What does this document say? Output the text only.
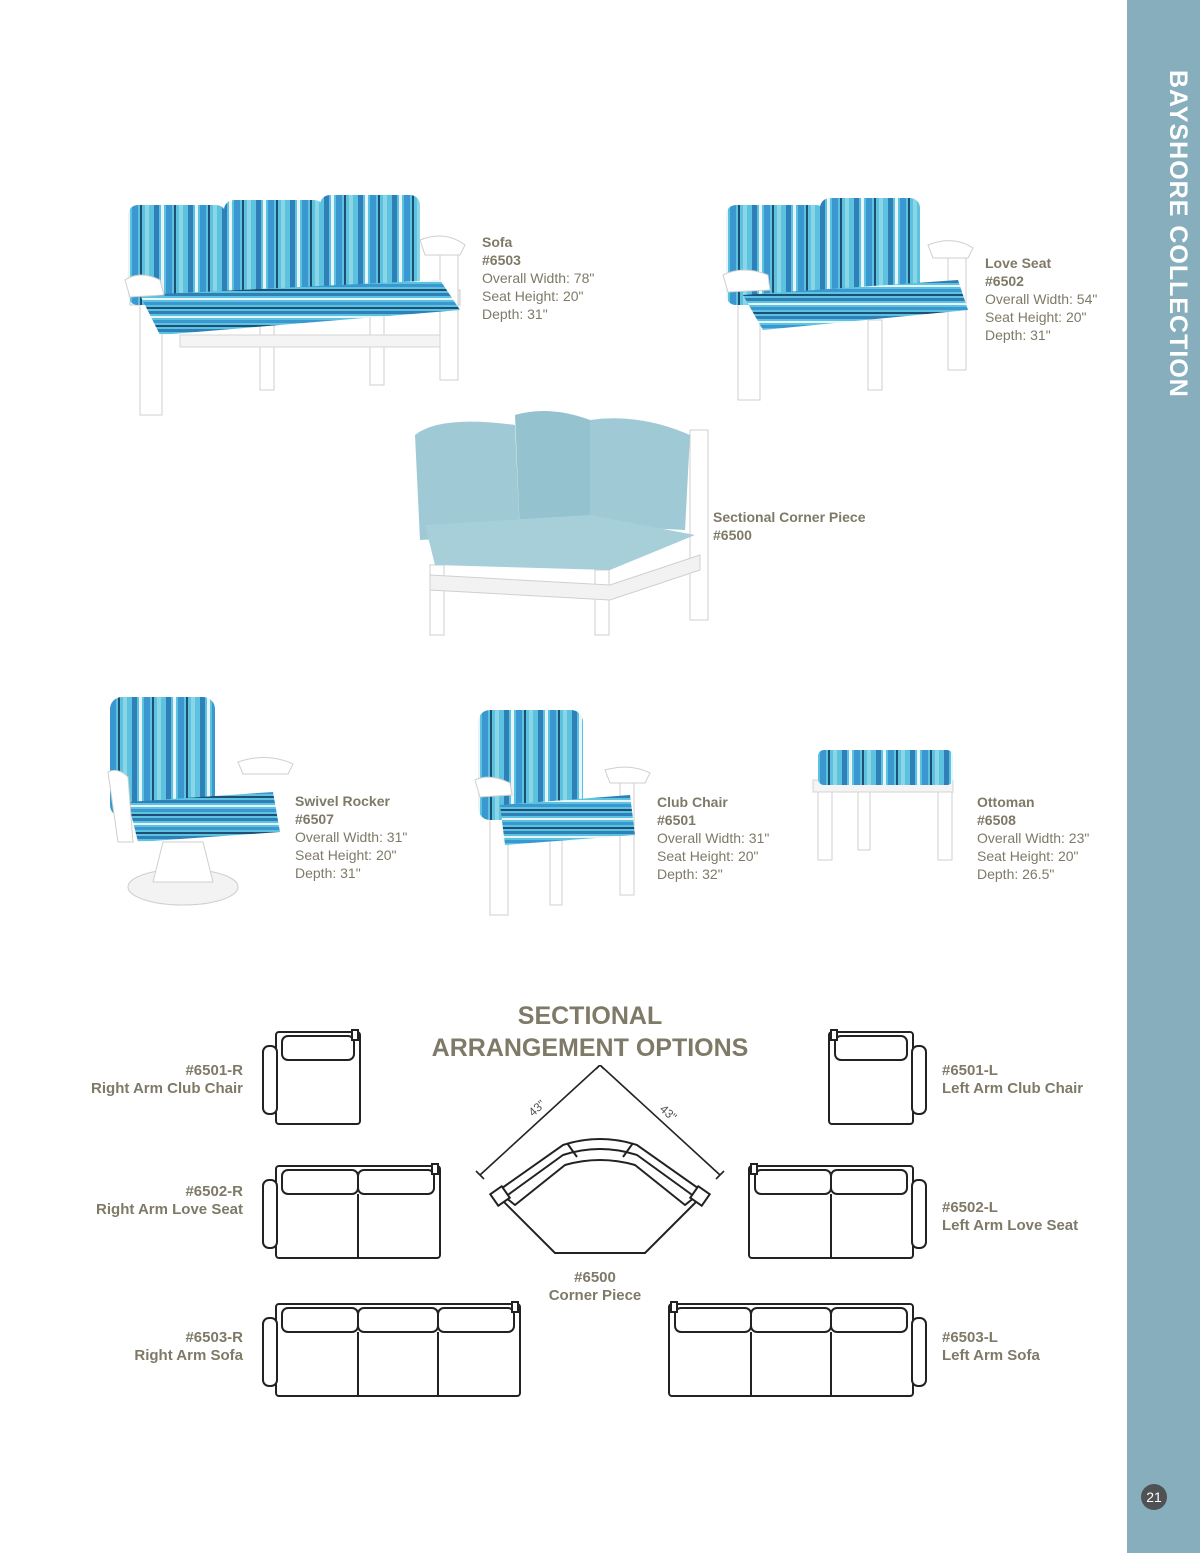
BAYSHORE COLLECTION
21
Sofa
#6503
Overall Width: 78"
Seat Height: 20"
Depth: 31"
Love Seat
#6502
Overall Width: 54"
Seat Height: 20"
Depth: 31"
Sectional Corner Piece
#6500
Swivel Rocker
#6507
Overall Width: 31"
Seat Height: 20"
Depth: 31"
Club Chair
#6501
Overall Width: 31"
Seat Height: 20"
Depth: 32"
Ottoman
#6508
Overall Width: 23"
Seat Height: 20"
Depth: 26.5"
SECTIONAL
ARRANGEMENT OPTIONS
#6501-R
Right Arm Club Chair
#6501-L
Left Arm Club Chair
#6502-R
Right Arm Love Seat	#6502-L
Left Arm Love Seat
#6503-R
Right Arm Sofa
#6503-L
Left Arm Sofa
43"	43"
#6500
Corner Piece
